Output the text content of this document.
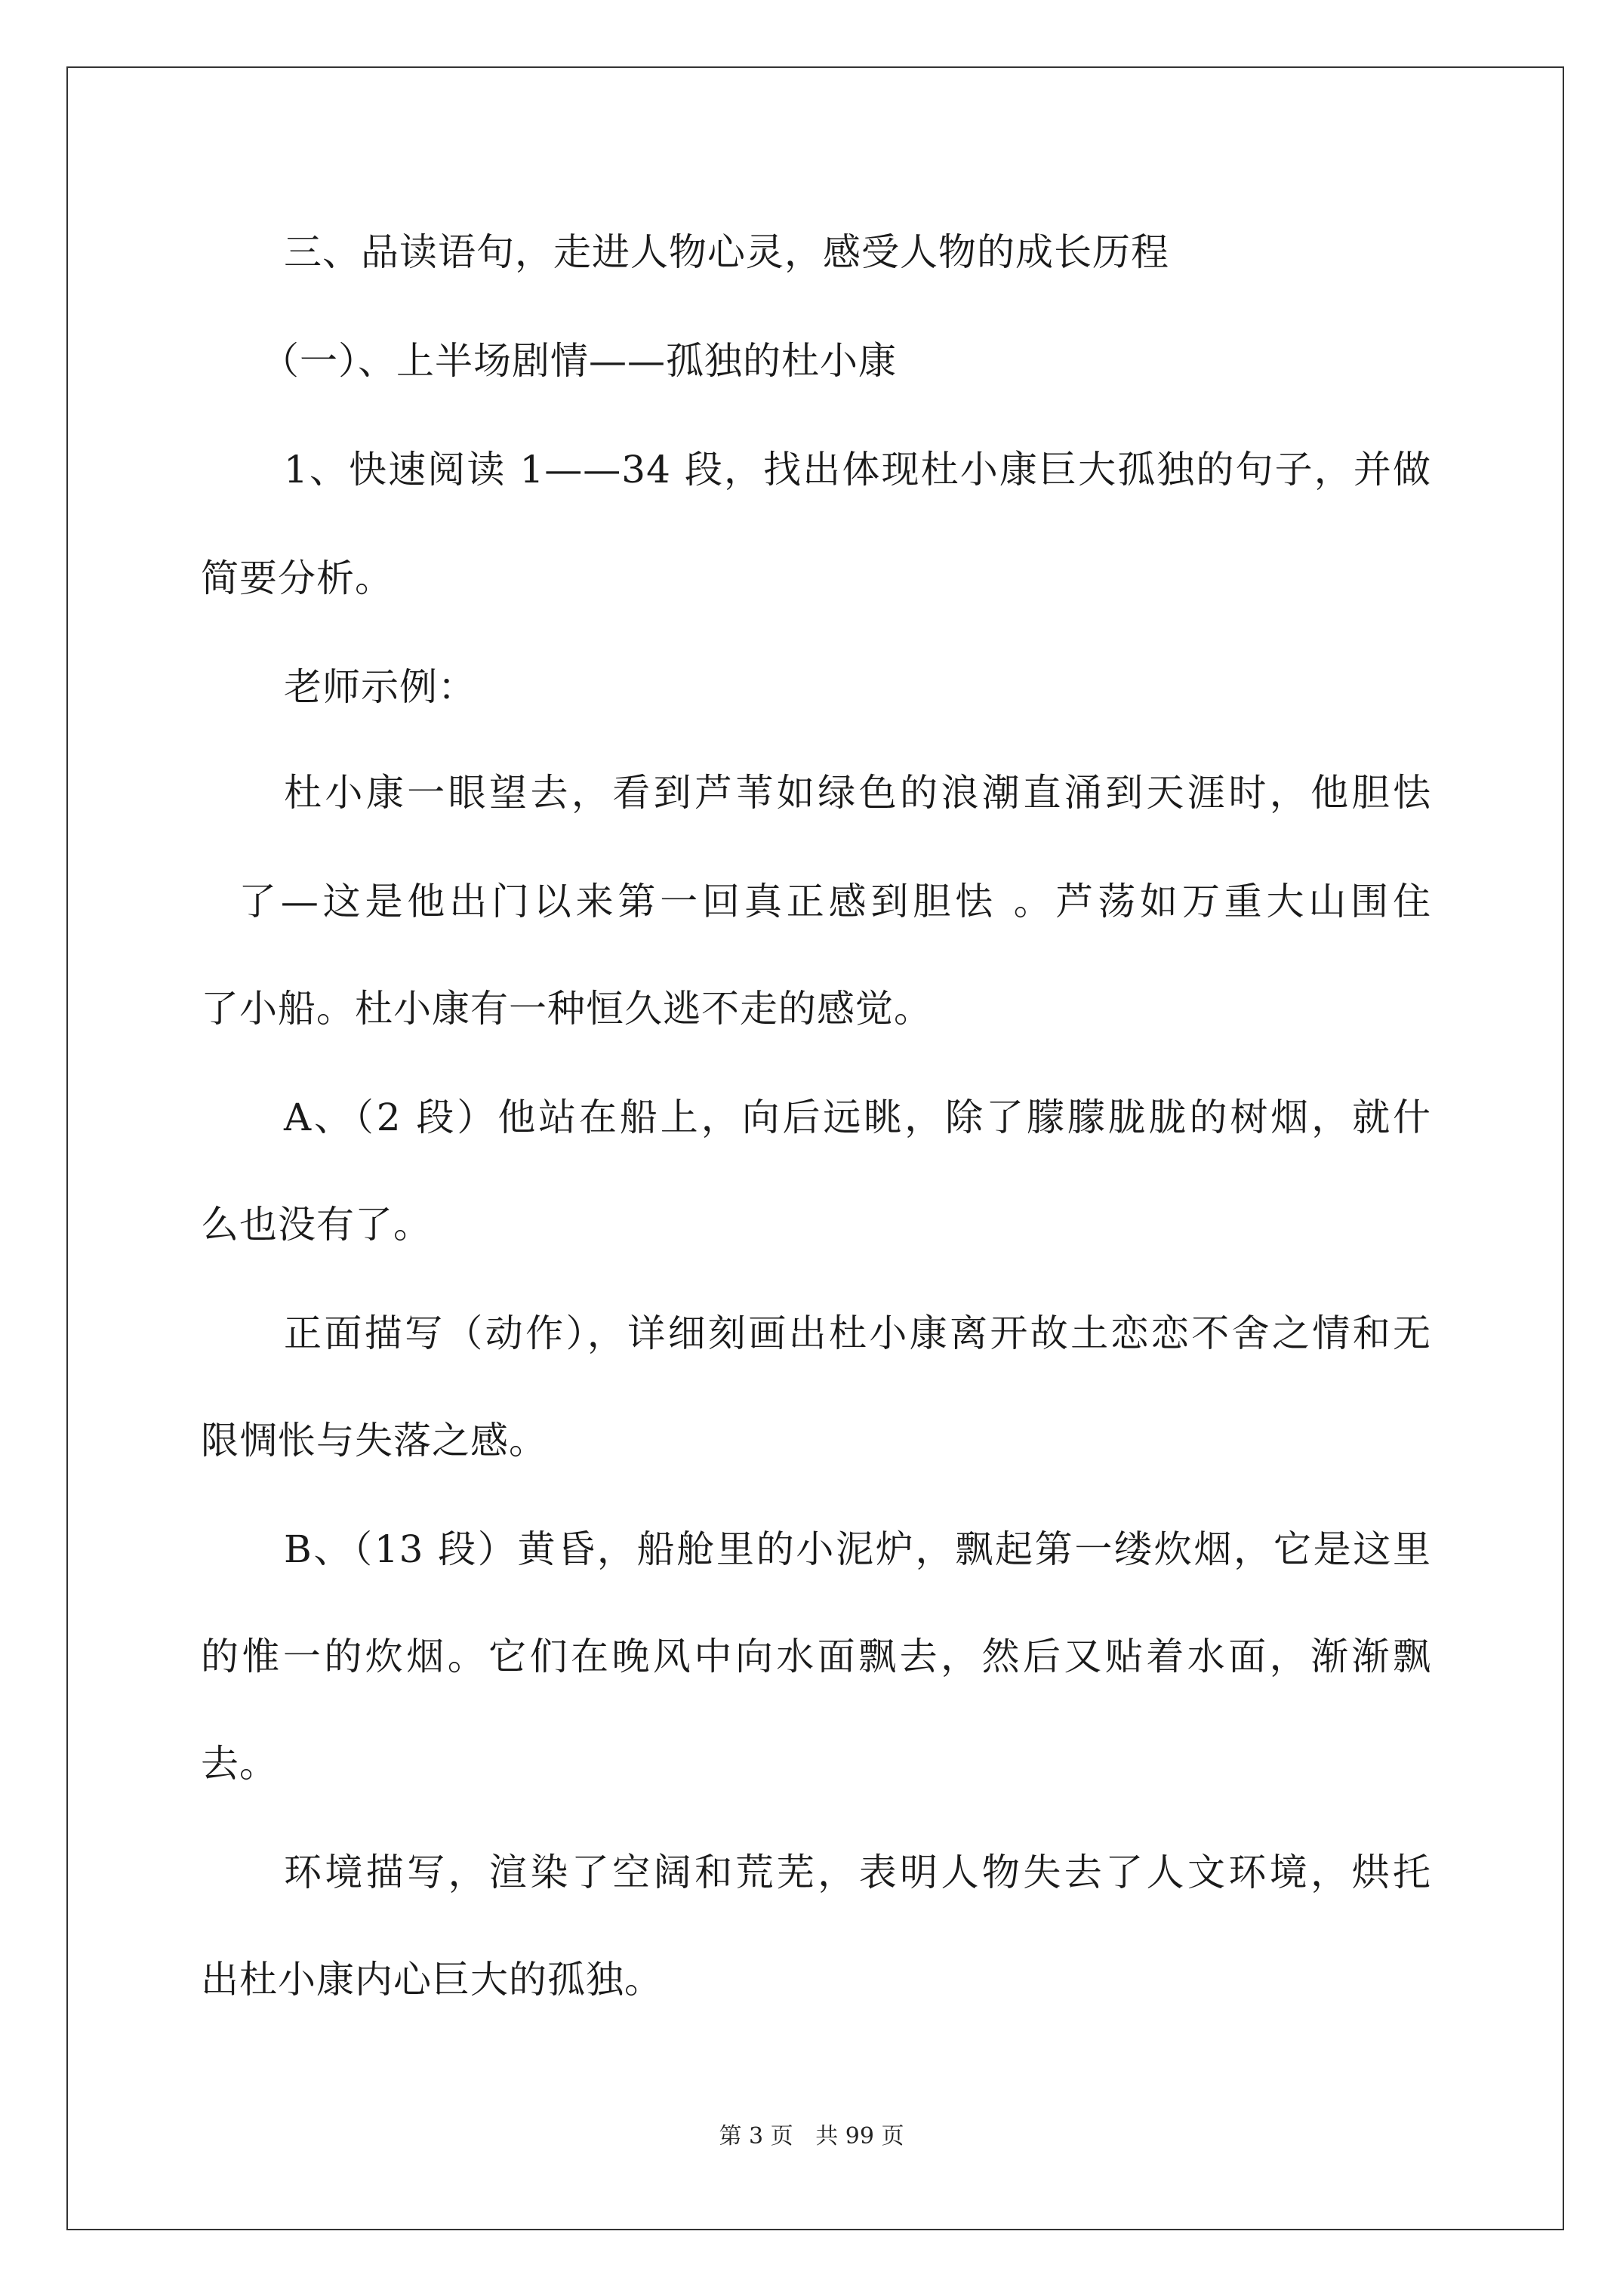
三、品读语句，走进人物心灵，感受人物的成长历程
（一）、上半场剧情——孤独的杜小康
1、快速阅读 1——34 段，找出体现杜小康巨大孤独的句子，并做
简要分析。
老师示例：
杜小康一眼望去，看到芦苇如绿色的浪潮直涌到天涯时，他胆怯
了—这是他出门以来第一回真正感到胆怯 。芦荡如万重大山围住
了小船。杜小康有一种恒久逃不走的感觉。
A、（2 段）他站在船上，向后远眺，除了朦朦胧胧的树烟，就什
么也没有了。
正面描写（动作），详细刻画出杜小康离开故土恋恋不舍之情和无
限惆怅与失落之感。
B、（13 段）黄昏，船舱里的小泥炉，飘起第一缕炊烟，它是这里
的惟一的炊烟。它们在晚风中向水面飘去，然后又贴着水面，渐渐飘
去。
环境描写，渲染了空阔和荒芜，表明人物失去了人文环境，烘托
出杜小康内心巨大的孤独。
第 3 页 共 99 页
